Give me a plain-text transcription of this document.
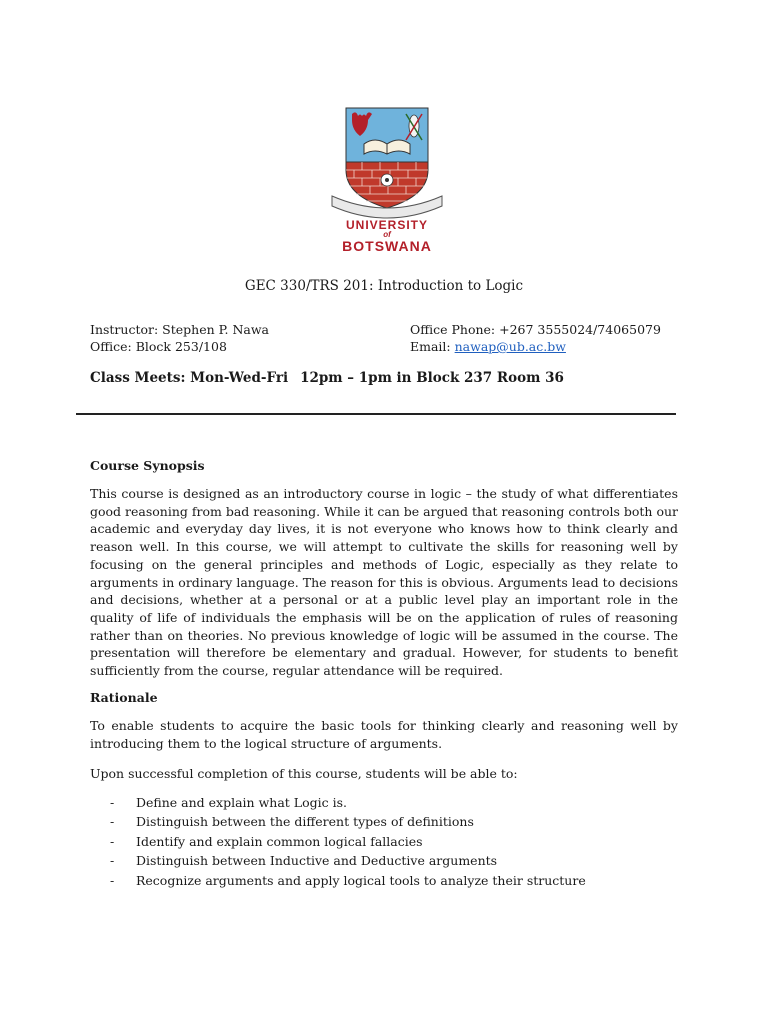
UNIVERSITY
of
BOTSWANA
GEC 330/TRS 201: Introduction to Logic
Instructor: Stephen P. Nawa
Office: Block 253/108
Office Phone: +267 3555024/74065079
Email: nawap@ub.ac.bw
Class Meets: Mon-Wed-Fri 12pm – 1pm in Block 237 Room 36
Course Synopsis
This course is designed as an introductory course in logic – the study of what differentiates good reasoning from bad reasoning. While it can be argued that reasoning controls both our academic and everyday day lives, it is not everyone who knows how to think clearly and reason well. In this course, we will attempt to cultivate the skills for reasoning well by focusing on the general principles and methods of Logic, especially as they relate to arguments in ordinary language. The reason for this is obvious. Arguments lead to decisions and decisions, whether at a personal or at a public level play an important role in the quality of life of individuals the emphasis will be on the application of rules of reasoning rather than on theories. No previous knowledge of logic will be assumed in the course. The presentation will therefore be elementary and gradual. However, for students to benefit sufficiently from the course, regular attendance will be required.
Rationale
To enable students to acquire the basic tools for thinking clearly and reasoning well by introducing them to the logical structure of arguments.
Upon successful completion of this course, students will be able to:
- Define and explain what Logic is.
- Distinguish between the different types of definitions
- Identify and explain common logical fallacies
- Distinguish between Inductive and Deductive arguments
- Recognize arguments and apply logical tools to analyze their structure
